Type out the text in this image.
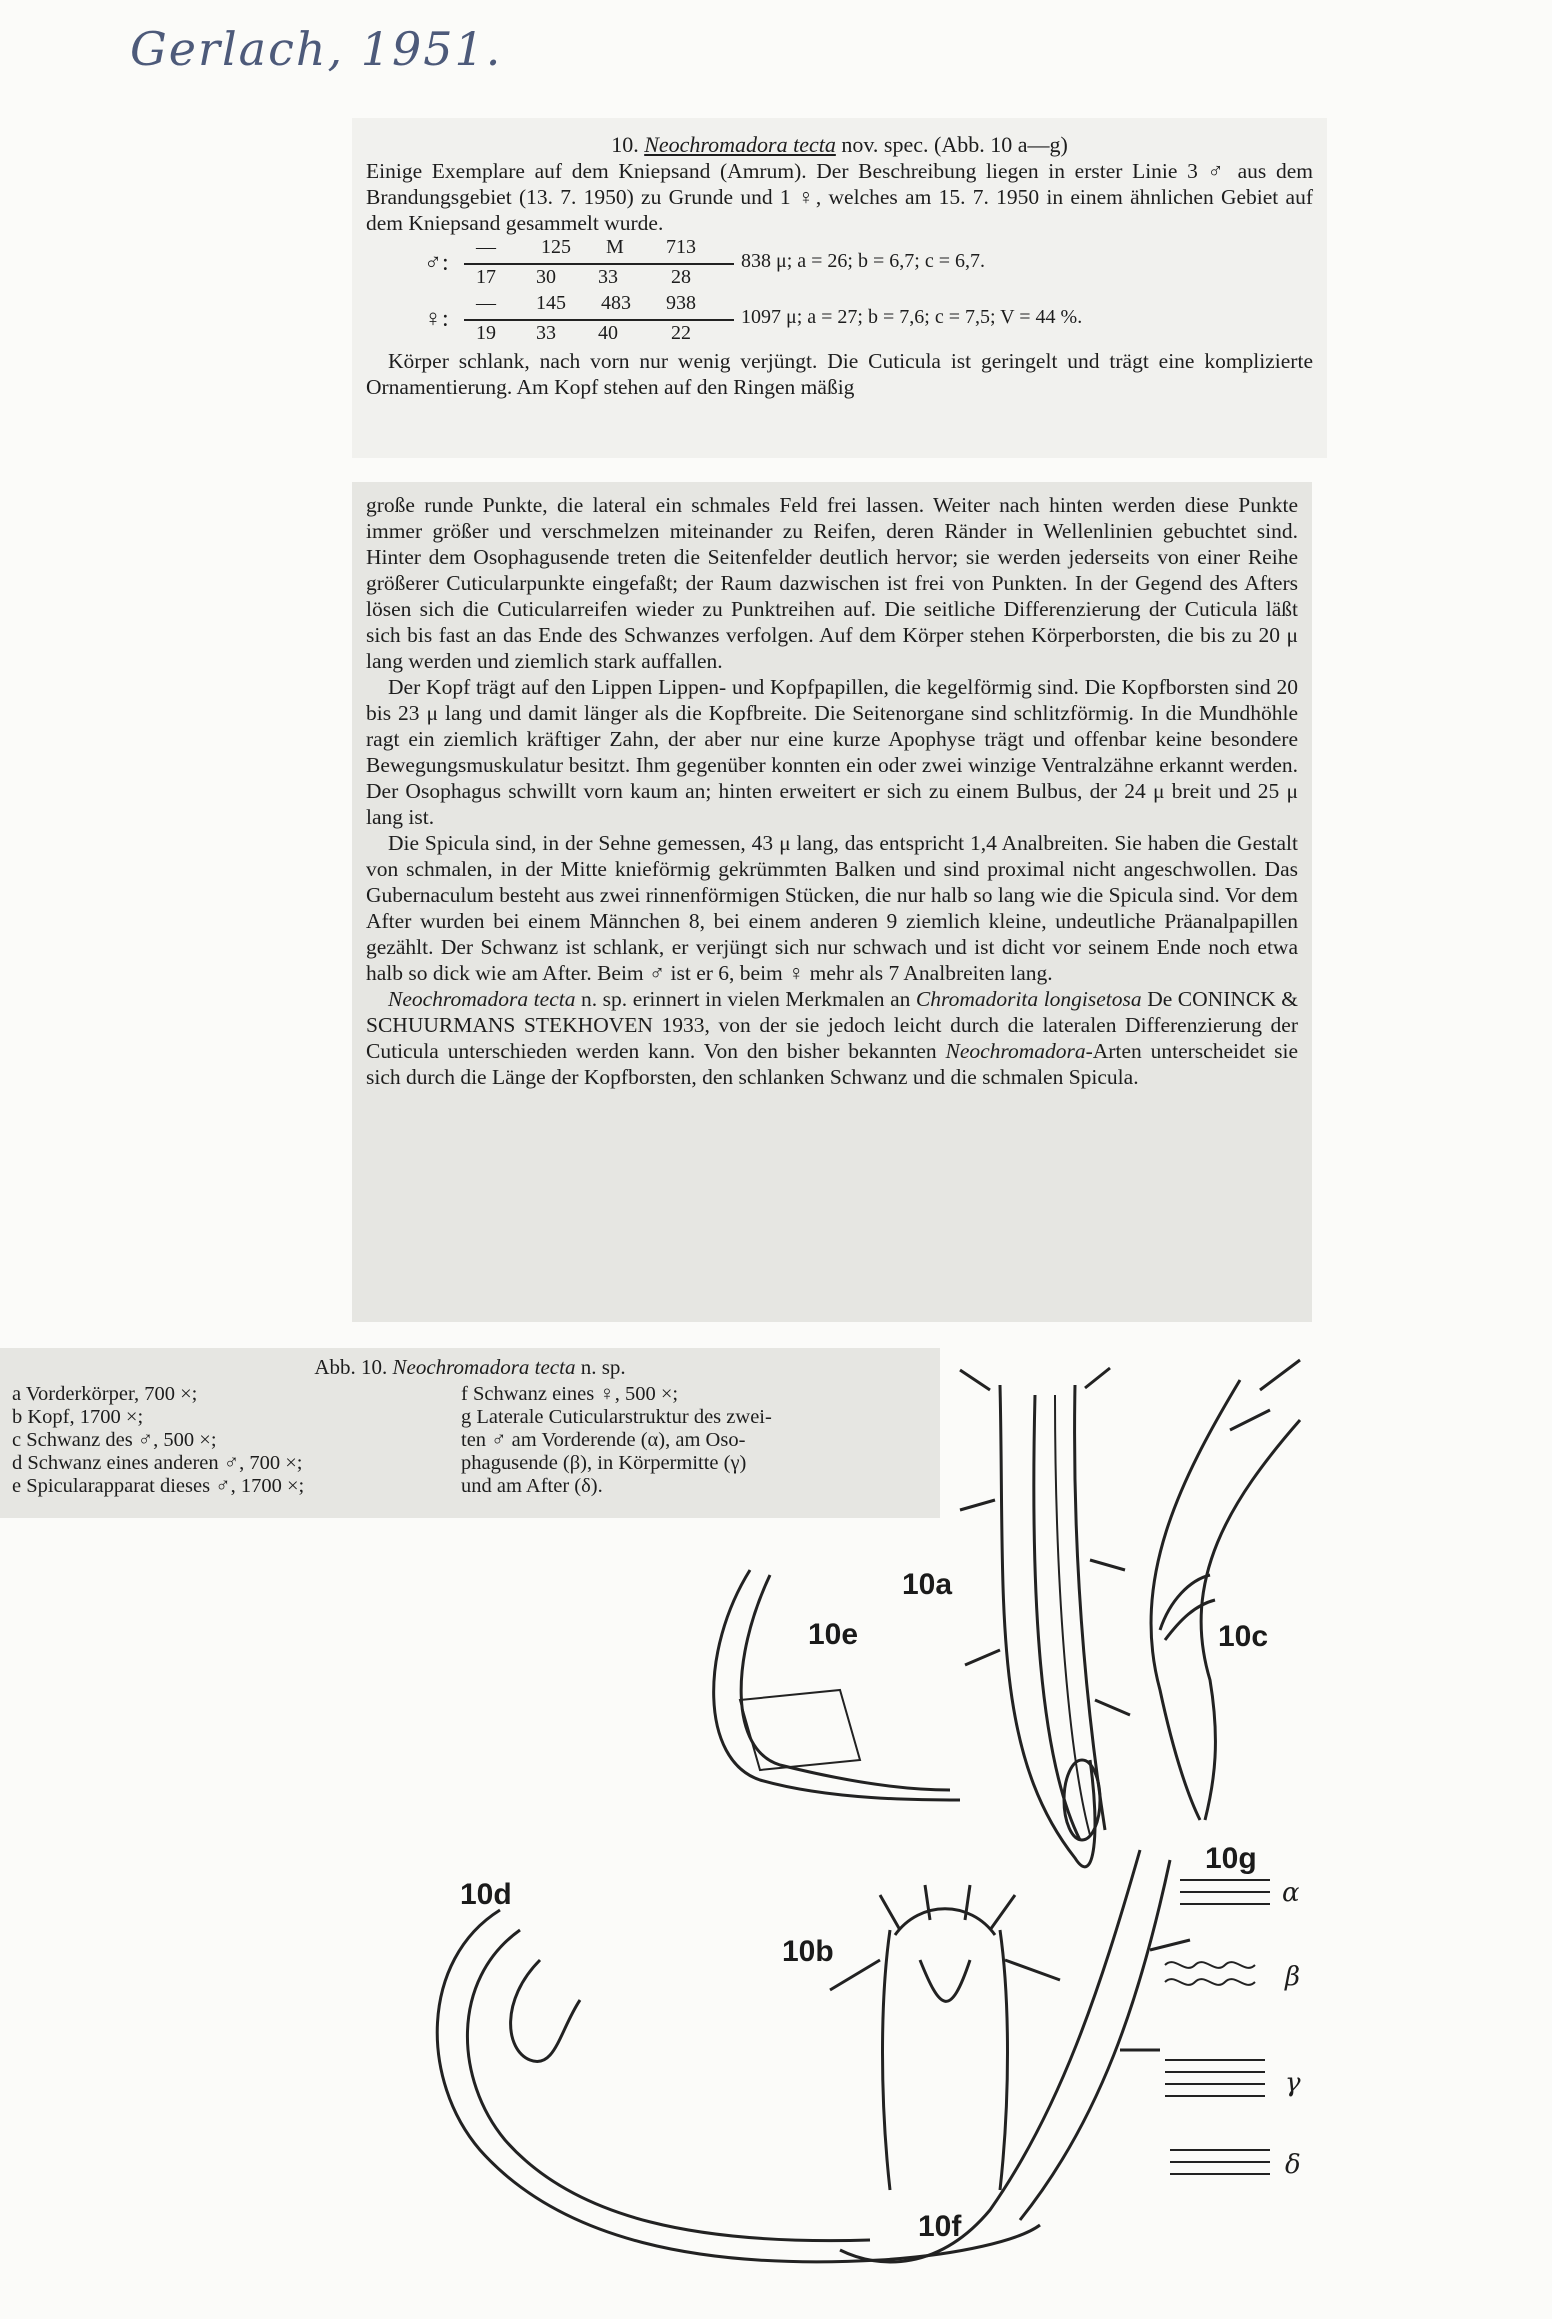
Gerlach, 1951.

10. Neochromadora tecta nov. spec. (Abb. 10 a—g)

Einige Exemplare auf dem Kniepsand (Amrum). Der Beschreibung liegen in erster Linie 3 ♂ aus dem Brandungsgebiet (13. 7. 1950) zu Grunde und 1 ♀, welches am 15. 7. 1950 in einem ähnlichen Gebiet auf dem Kniepsand gesammelt wurde.

♂:
— 125 M 713
17 30 33	28
838 μ; a = 26; b = 6,7; c = 6,7.
♀:
— 145 483 938
19 33 40	22
1097 μ; a = 27; b = 7,6; c = 7,5; V = 44 %.

Körper schlank, nach vorn nur wenig verjüngt. Die Cuticula ist geringelt und trägt eine komplizierte Ornamentierung. Am Kopf stehen auf den Ringen mäßig

große runde Punkte, die lateral ein schmales Feld frei lassen. Weiter nach hinten werden diese Punkte immer größer und verschmelzen miteinander zu Reifen, deren Ränder in Wellenlinien gebuchtet sind. Hinter dem Osophagusende treten die Seitenfelder deutlich hervor; sie werden jederseits von einer Reihe größerer Cuticularpunkte eingefaßt; der Raum dazwischen ist frei von Punkten. In der Gegend des Afters lösen sich die Cuticularreifen wieder zu Punktreihen auf. Die seitliche Differenzierung der Cuticula läßt sich bis fast an das Ende des Schwanzes verfolgen. Auf dem Körper stehen Körperborsten, die bis zu 20 μ lang werden und ziemlich stark auffallen.

Der Kopf trägt auf den Lippen Lippen- und Kopfpapillen, die kegelförmig sind. Die Kopfborsten sind 20 bis 23 μ lang und damit länger als die Kopfbreite. Die Seitenorgane sind schlitzförmig. In die Mundhöhle ragt ein ziemlich kräftiger Zahn, der aber nur eine kurze Apophyse trägt und offenbar keine besondere Bewegungsmuskulatur besitzt. Ihm gegenüber konnten ein oder zwei winzige Ventralzähne erkannt werden. Der Osophagus schwillt vorn kaum an; hinten erweitert er sich zu einem Bulbus, der 24 μ breit und 25 μ lang ist.

Die Spicula sind, in der Sehne gemessen, 43 μ lang, das entspricht 1,4 Analbreiten. Sie haben die Gestalt von schmalen, in der Mitte knieförmig gekrümmten Balken und sind proximal nicht angeschwollen. Das Gubernaculum besteht aus zwei rinnenförmigen Stücken, die nur halb so lang wie die Spicula sind. Vor dem After wurden bei einem Männchen 8, bei einem anderen 9 ziemlich kleine, undeutliche Präanalpapillen gezählt. Der Schwanz ist schlank, er verjüngt sich nur schwach und ist dicht vor seinem Ende noch etwa halb so dick wie am After. Beim ♂ ist er 6, beim ♀ mehr als 7 Analbreiten lang.

Neochromadora tecta n. sp. erinnert in vielen Merkmalen an Chromadorita longisetosa De CONINCK & SCHUURMANS STEKHOVEN 1933, von der sie jedoch leicht durch die lateralen Differenzierung der Cuticula unterschieden werden kann. Von den bisher bekannten Neochromadora-Arten unterscheidet sie sich durch die Länge der Kopfborsten, den schlanken Schwanz und die schmalen Spicula.

Abb. 10. Neochromadora tecta n. sp.
a Vorderkörper, 700 ×;
b Kopf, 1700 ×;
c Schwanz des ♂, 500 ×;
d Schwanz eines anderen ♂, 700 ×;
e Spicularapparat dieses ♂, 1700 ×;
f Schwanz eines ♀, 500 ×;
g Laterale Cuticularstruktur des zwei-
ten ♂ am Vorderende (α), am Oso-
phagusende (β), in Körpermitte (γ)
und am After (δ).
10a
10b
10c
10d
10e
10f
10g
α
β
γ
δ
